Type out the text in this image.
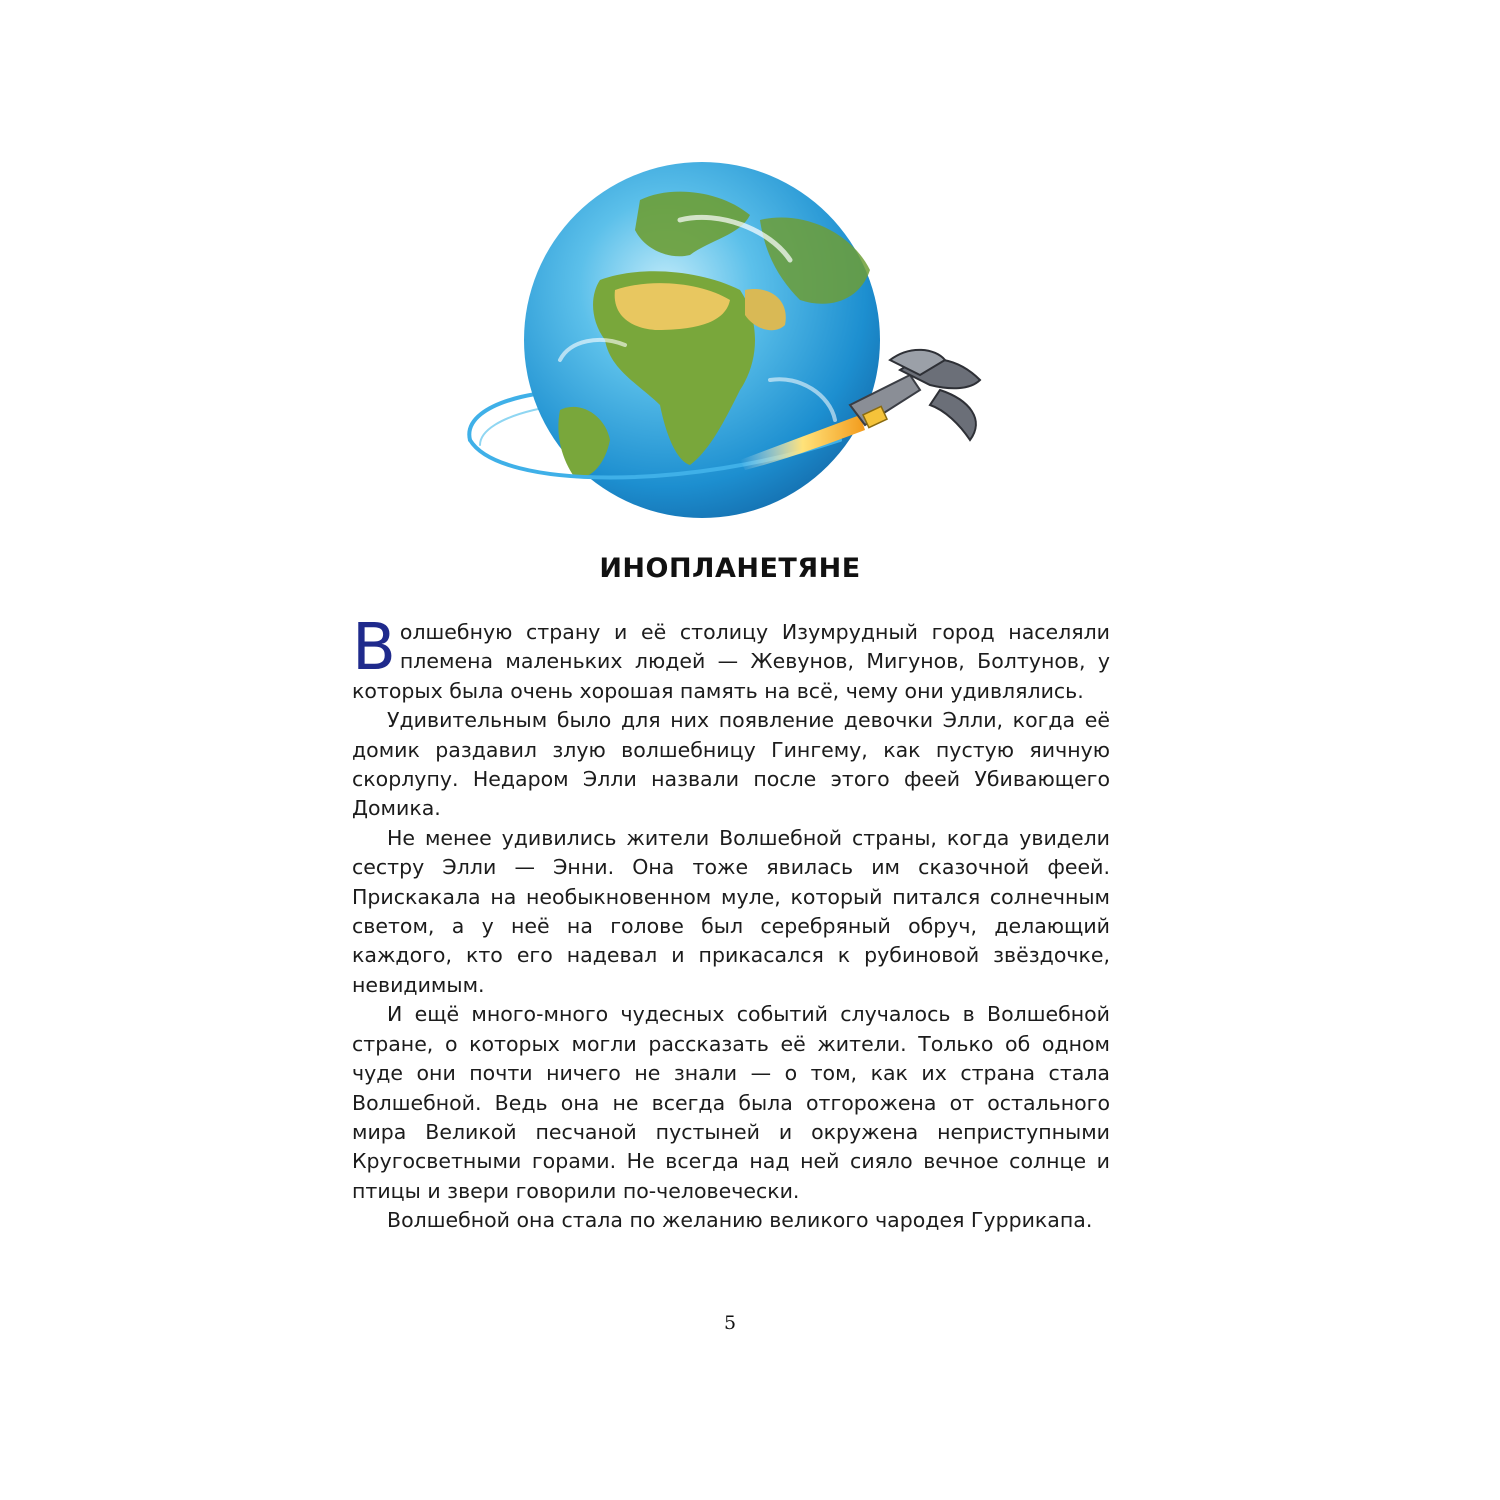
ИНОПЛАНЕТЯНЕ

Волшебную страну и её столицу Изумрудный город населяли племена маленьких людей — Жевунов, Мигунов, Болтунов, у которых была очень хорошая память на всё, чему они удивлялись.

Удивительным было для них появление девочки Элли, когда её домик раздавил злую волшебницу Гингему, как пустую яичную скорлупу. Недаром Элли назвали после этого феей Убивающего Домика.

Не менее удивились жители Волшебной страны, когда увидели сестру Элли — Энни. Она тоже явилась им сказочной феей. Прискакала на необыкновенном муле, который питался солнечным светом, а у неё на голове был серебряный обруч, делающий каждого, кто его надевал и прикасался к рубиновой звёздочке, невидимым.

И ещё много-много чудесных событий случалось в Волшебной стране, о которых могли рассказать её жители. Только об одном чуде они почти ничего не знали — о том, как их страна стала Волшебной. Ведь она не всегда была отгорожена от остального мира Великой песчаной пустыней и окружена неприступными Кругосветными горами. Не всегда над ней сияло вечное солнце и птицы и звери говорили по-человечески.

Волшебной она стала по желанию великого чародея Гуррикапа.

5
